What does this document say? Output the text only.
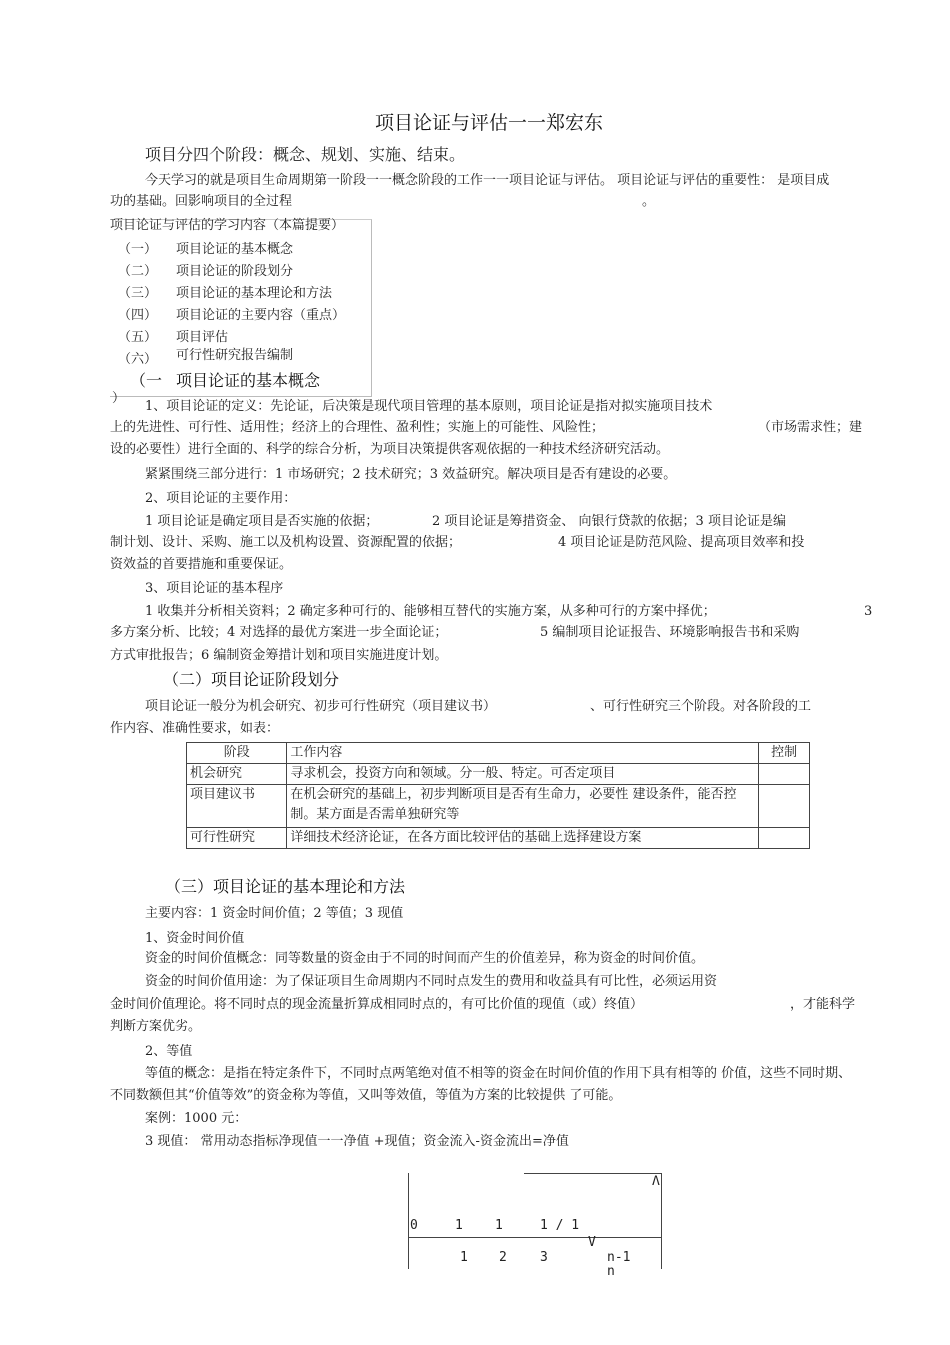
项目论证与评估一一郑宏东
项目分四个阶段：概念、规划、实施、结束。
今天学习的就是项目生命周期第一阶段一一概念阶段的工作一一项目论证与评估。 项目论证与评估的重要性： 是项目成
功的基础。回影响项目的全过程	。
项目论证与评估的学习内容（本篇提要）
（一） 项目论证的基本概念
（二） 项目论证的阶段划分
（三） 项目论证的基本理论和方法
（四） 项目论证的主要内容（重点）
（五） 项目评估
（六） 可行性研究报告编制
（一 项目论证的基本概念
）
1、项目论证的定义：先论证，后决策是现代项目管理的基本原则，项目论证是指对拟实施项目技术
上的先进性、可行性、适用性；经济上的合理性、盈利性；实施上的可能性、风险性；	（市场需求性；建
设的必要性）进行全面的、科学的综合分析，为项目决策提供客观依据的一种技术经济研究活动。
紧紧围绕三部分进行：1 市场研究；2 技术研究；3 效益研究。解决项目是否有建设的必要。
2、项目论证的主要作用：
1 项目论证是确定项目是否实施的依据；	2 项目论证是筹措资金、 向银行贷款的依据；3 项目论证是编
制计划、设计、采购、施工以及机构设置、资源配置的依据；	4 项目论证是防范风险、提高项目效率和投
资效益的首要措施和重要保证。
3、项目论证的基本程序
1 收集并分析相关资料；2 确定多种可行的、能够相互替代的实施方案，从多种可行的方案中择优；	3
多方案分析、比较；4 对选择的最优方案进一步全面论证；	5 编制项目论证报告、环境影响报告书和采购
方式审批报告；6 编制资金筹措计划和项目实施进度计划。
（二）项目论证阶段划分
项目论证一般分为机会研究、初步可行性研究（项目建议书）	、可行性研究三个阶段。对各阶段的工
作内容、准确性要求，如表：
阶段	工作内容	控制
机会研究	寻求机会，投资方向和领域。分一般、特定。可否定项目	
项目建议书	在机会研究的基础上，初步判断项目是否有生命力，必要性 建设条件，能否控制。某方面是否需单独研究等	
可行性研究	详细技术经济论证，在各方面比较评估的基础上选择建设方案	
（三）项目论证的基本理论和方法
主要内容：1 资金时间价值；2 等值；3 现值
1、资金时间价值
资金的时间价值概念：同等数量的资金由于不同的时间而产生的价值差异，称为资金的时间价值。
资金的时间价值用途：为了保证项目生命周期内不同时点发生的费用和收益具有可比性，必须运用资
金时间价值理论。将不同时点的现金流量折算成相同时点的，有可比价值的现值（或）终值）	，才能科学
判断方案优劣。
2、等值
等值的概念：是指在特定条件下，不同时点两笔绝对值不相等的资金在时间价值的作用下具有相等的 价值，这些不同时期、
不同数额但其“价值等效”的资金称为等值，又叫等效值，等值为方案的比较提供 了可能。
案例：1000 元：
3 现值： 常用动态指标净现值一一净值 +现值；资金流入-资金流出=净值
Λ
0	1 1	1 / 1
V
1 2	3	n-1
n
